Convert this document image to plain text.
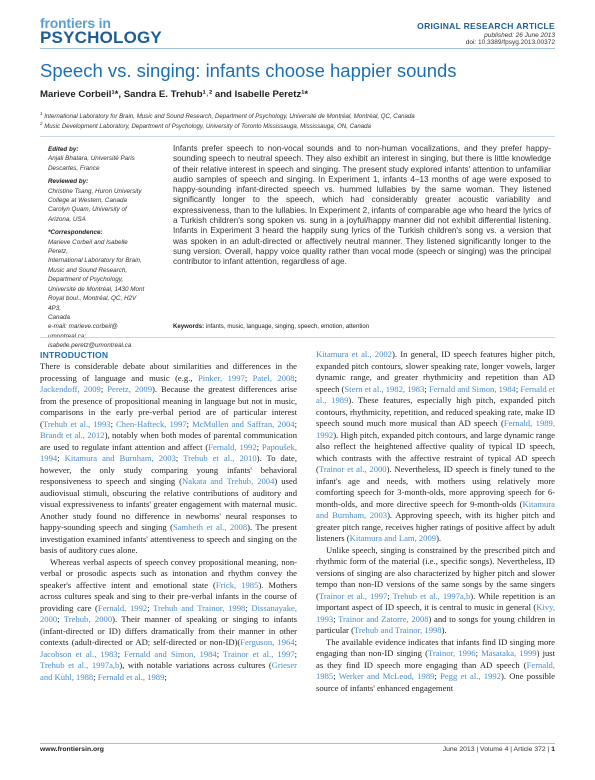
frontiers in
PSYCHOLOGY
ORIGINAL RESEARCH ARTICLE
published: 26 June 2013
doi: 10.3389/fpsyg.2013.00372
Speech vs. singing: infants choose happier sounds
Marieve Corbeil¹*, Sandra E. Trehub¹˒² and Isabelle Peretz¹*
$^1$ International Laboratory for Brain, Music and Sound Research, Department of Psychology, Université de Montréal, Montréal, QC, Canada
$^2$ Music Development Laboratory, Department of Psychology, University of Toronto Mississauga, Mississauga, ON, Canada
Edited by:
Anjali Bhatara, Université Paris
Descartes, France
Reviewed by:
Christine Tsang, Huron University
College at Western, Canada
Carolyn Quam, University of
Arizona, USA
*Correspondence:
Marieve Corbeil and Isabelle Peretz,
International Laboratory for Brain,
Music and Sound Research,
Department of Psychology,
Université de Montréal, 1430 Mont
Royal boul., Montréal, QC, H2V 4P3,
Canada
e-mail: marieve.corbeil@
isabelle.peretz@umontreal.ca
Infants prefer speech to non-vocal sounds and to non-human vocalizations, and they prefer happy-sounding speech to neutral speech. They also exhibit an interest in singing, but there is little knowledge of their relative interest in speech and singing. The present study explored infants' attention to unfamiliar audio samples of speech and singing. In Experiment 1, infants 4–13 months of age were exposed to happy-sounding infant-directed speech vs. hummed lullabies by the same woman. They listened significantly longer to the speech, which had considerably greater acoustic variability and expressiveness, than to the lullabies. In Experiment 2, infants of comparable age who heard the lyrics of a Turkish children's song spoken vs. sung in a joyful/happy manner did not exhibit differential listening. Infants in Experiment 3 heard the happily sung lyrics of the Turkish children's song vs. a version that was spoken in an adult-directed or affectively neutral manner. They listened significantly longer to the sung version. Overall, happy voice quality rather than vocal mode (speech or singing) was the principal contributor to infant attention, regardless of age.
Keywords: infants, music, language, singing, speech, emotion, attention
INTRODUCTION

There is considerable debate about similarities and differences in the processing of language and music (e.g., Pinker, 1997; Patel, 2008; Jackendoff, 2009; Peretz, 2009). Because the greatest differences arise from the presence of propositional meaning in language but not in music, comparisons in the early pre-verbal period are of particular interest (Trehub et al., 1993; Chen-Hafteck, 1997; McMullen and Saffran, 2004; Brandt et al., 2012), notably when both modes of parental communication are used to regulate infant attention and affect (Fernald, 1992; Papoušek, 1994; Kitamura and Burnham, 2003; Trehub et al., 2010). To date, however, the only study comparing young infants' behavioral responsiveness to speech and singing (Nakata and Trehub, 2004) used audiovisual stimuli, obscuring the relative contributions of auditory and visual expressiveness to infants' greater engagement with maternal music. Another study found no difference in newborns' neural responses to happy-sounding speech and singing (Sambeth et al., 2008). The present investigation examined infants' attentiveness to speech and singing on the basis of auditory cues alone.

Whereas verbal aspects of speech convey propositional meaning, non-verbal or prosodic aspects such as intonation and rhythm convey the speaker's affective intent and emotional state (Frick, 1985). Mothers across cultures speak and sing to their pre-verbal infants in the course of providing care (Fernald, 1992; Trehub and Trainor, 1998; Dissanayake, 2000; Trehub, 2000). Their manner of speaking or singing to infants (infant-directed or ID) differs dramatically from their manner in other contexts (adult-directed or AD; self-directed or non-ID)(Ferguson, 1964; Jacobson et al., 1983; Fernald and Simon, 1984; Trainor et al., 1997; Trehub et al., 1997a,b), with notable variations across cultures (Grieser and Kuhl, 1988; Fernald et al., 1989;

Kitamura et al., 2002). In general, ID speech features higher pitch, expanded pitch contours, slower speaking rate, longer vowels, larger dynamic range, and greater rhythmicity and repetition than AD speech (Stern et al., 1982, 1983; Fernald and Simon, 1984; Fernald et al., 1989). These features, especially high pitch, expanded pitch contours, rhythmicity, repetition, and reduced speaking rate, make ID speech sound much more musical than AD speech (Fernald, 1989, 1992). High pitch, expanded pitch contours, and large dynamic range also reflect the heightened affective quality of typical ID speech, which contrasts with the affective restraint of typical AD speech (Trainor et al., 2000). Nevertheless, ID speech is finely tuned to the infant's age and needs, with mothers using relatively more comforting speech for 3-month-olds, more approving speech for 6-month-olds, and more directive speech for 9-month-olds (Kitamura and Burnham, 2003). Approving speech, with its higher pitch and greater pitch range, receives higher ratings of positive affect by adult listeners (Kitamura and Lam, 2009).

Unlike speech, singing is constrained by the prescribed pitch and rhythmic form of the material (i.e., specific songs). Nevertheless, ID versions of singing are also characterized by higher pitch and slower tempo than non-ID versions of the same songs by the same singers (Trainor et al., 1997; Trehub et al., 1997a,b). While repetition is an important aspect of ID speech, it is central to music in general (Kivy, 1993; Trainor and Zatorre, 2008) and to songs for young children in particular (Trehub and Trainor, 1998).

The available evidence indicates that infants find ID singing more engaging than non-ID singing (Trainor, 1996; Masataka, 1999) just as they find ID speech more engaging than AD speech (Fernald, 1985; Werker and McLeod, 1989; Pegg et al., 1992). One possible source of infants' enhanced engagement

www.frontiersin.org	June 2013 | Volume 4 | Article 372 | 1
